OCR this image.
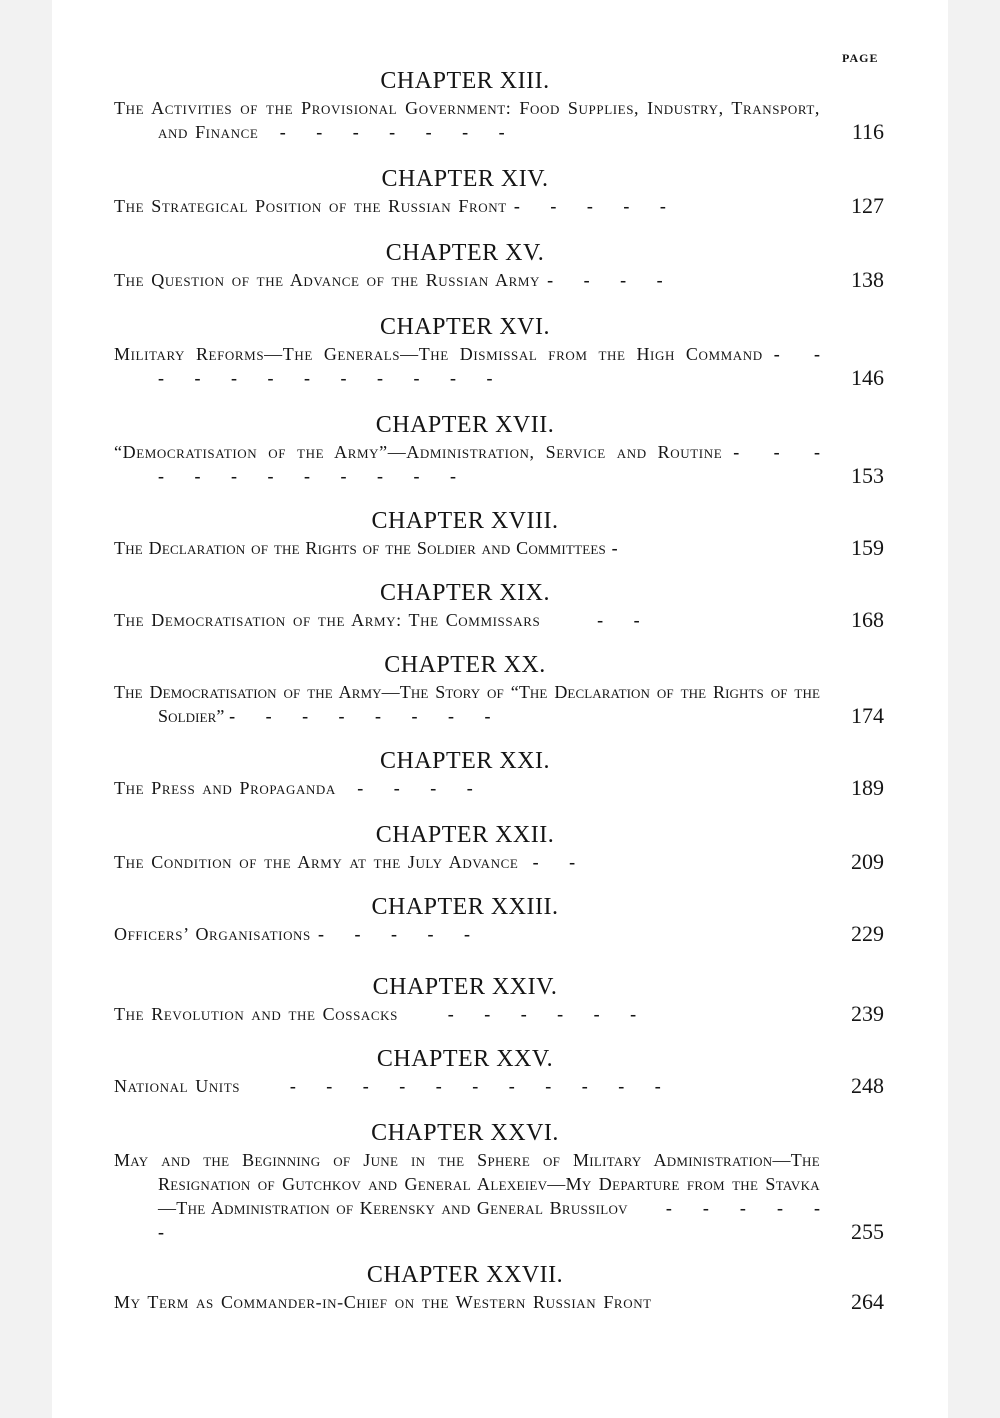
PAGE
CHAPTER XIII.
The Activities of the Provisional Government: Food Supplies, Industry, Transport, and Finance - - - - - - -	116
CHAPTER XIV.
The Strategical Position of the Russian Front - - - - -	127
CHAPTER XV.
The Question of the Advance of the Russian Army - - - -	138
CHAPTER XVI.
Military Reforms—The Generals—The Dismissal from the High Command - - - - - - - - - - - -	146
CHAPTER XVII.
“Democratisation of the Army”—Administration, Service and Routine - - - - - - - - - - - -	153
CHAPTER XVIII.
The Declaration of the Rights of the Soldier and Committees -	159
CHAPTER XIX.
The Democratisation of the Army: The Commissars	- -	168
CHAPTER XX.
The Democratisation of the Army—The Story of “The Declaration of the Rights of the Soldier” - - - - - - - -	174
CHAPTER XXI.
The Press and Propaganda - - - -	189
CHAPTER XXII.
The Condition of the Army at the July Advance - -	209
CHAPTER XXIII.
Officers’ Organisations - - - - -	229
CHAPTER XXIV.
The Revolution and the Cossacks	- - - - - -	239
CHAPTER XXV.
National Units	- - - - - - - - - - -	248
CHAPTER XXVI.
May and the Beginning of June in the Sphere of Military Administration—The Resignation of Gutchkov and General Alexeiev—My Departure from the Stavka—The Administration of Kerensky and General Brussilov - - - - - -	255
CHAPTER XXVII.
My Term as Commander-in-Chief on the Western Russian Front	264
